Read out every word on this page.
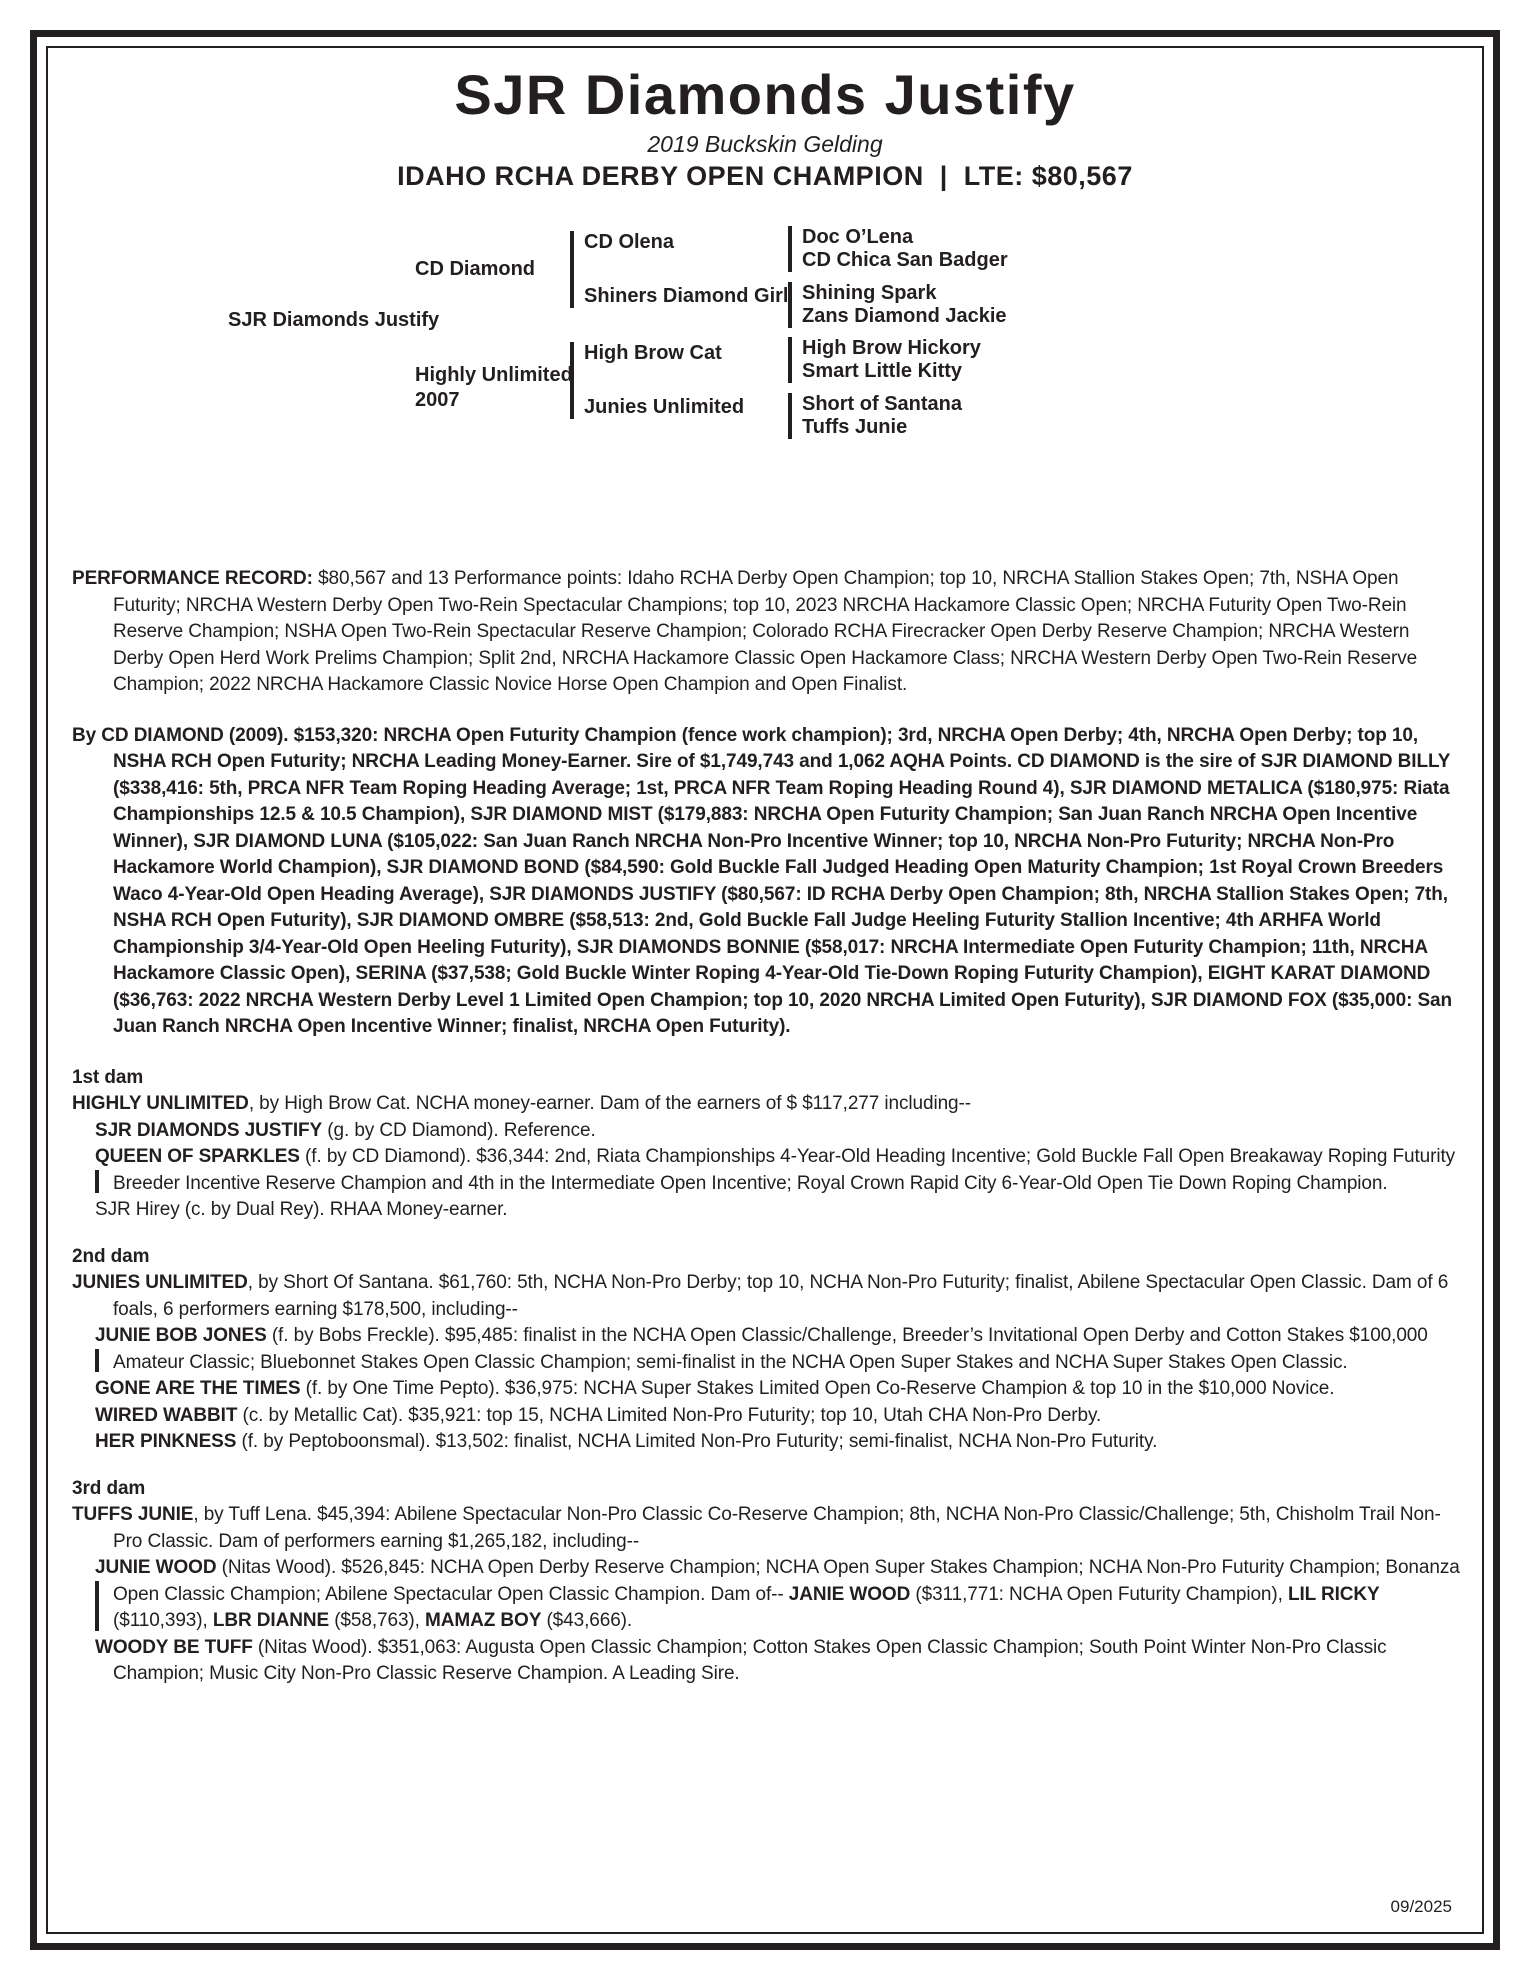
SJR Diamonds Justify
2019 Buckskin Gelding
IDAHO RCHA DERBY OPEN CHAMPION  |  LTE: $80,567
SJR Diamonds Justify
CD Diamond
Highly Unlimited
2007
CD Olena
Shiners Diamond Girl
High Brow Cat
Junies Unlimited
Doc O’Lena
CD Chica San Badger
Shining Spark
Zans Diamond Jackie
High Brow Hickory
Smart Little Kitty
Short of Santana
Tuffs Junie

PERFORMANCE RECORD: $80,567 and 13 Performance points: Idaho RCHA Derby Open Champion; top 10, NRCHA Stallion Stakes Open; 7th, NSHA Open Futurity; NRCHA Western Derby Open Two-Rein Spectacular Champions; top 10, 2023 NRCHA Hackamore Classic Open; NRCHA Futurity Open Two-Rein Reserve Champion; NSHA Open Two-Rein Spectacular Reserve Champion; Colorado RCHA Firecracker Open Derby Reserve Champion; NRCHA Western Derby Open Herd Work Prelims Champion; Split 2nd, NRCHA Hackamore Classic Open Hackamore Class; NRCHA Western Derby Open Two-Rein Reserve Champion; 2022 NRCHA Hackamore Classic Novice Horse Open Champion and Open Finalist.

By CD DIAMOND (2009). $153,320: NRCHA Open Futurity Champion (fence work champion); 3rd, NRCHA Open Derby; 4th, NRCHA Open Derby; top 10, NSHA RCH Open Futurity; NRCHA Leading Money-Earner. Sire of $1,749,743 and 1,062 AQHA Points. CD DIAMOND is the sire of SJR DIAMOND BILLY ($338,416: 5th, PRCA NFR Team Roping Heading Average; 1st, PRCA NFR Team Roping Heading Round 4), SJR DIAMOND METALICA ($180,975: Riata Championships 12.5 & 10.5 Champion), SJR DIAMOND MIST ($179,883: NRCHA Open Futurity Champion; San Juan Ranch NRCHA Open Incentive Winner), SJR DIAMOND LUNA ($105,022: San Juan Ranch NRCHA Non-Pro Incentive Winner; top 10, NRCHA Non-Pro Futurity; NRCHA Non-Pro Hackamore World Champion), SJR DIAMOND BOND ($84,590: Gold Buckle Fall Judged Heading Open Maturity Champion; 1st Royal Crown Breeders Waco 4-Year-Old Open Heading Average), SJR DIAMONDS JUSTIFY ($80,567: ID RCHA Derby Open Champion; 8th, NRCHA Stallion Stakes Open; 7th, NSHA RCH Open Futurity), SJR DIAMOND OMBRE ($58,513: 2nd, Gold Buckle Fall Judge Heeling Futurity Stallion Incentive; 4th ARHFA World Championship 3/4-Year-Old Open Heeling Futurity), SJR DIAMONDS BONNIE ($58,017: NRCHA Intermediate Open Futurity Champion; 11th, NRCHA Hackamore Classic Open), SERINA ($37,538; Gold Buckle Winter Roping 4-Year-Old Tie-Down Roping Futurity Champion), EIGHT KARAT DIAMOND ($36,763: 2022 NRCHA Western Derby Level 1 Limited Open Champion; top 10, 2020 NRCHA Limited Open Futurity), SJR DIAMOND FOX ($35,000: San Juan Ranch NRCHA Open Incentive Winner; finalist, NRCHA Open Futurity).

1st dam

HIGHLY UNLIMITED, by High Brow Cat. NCHA money-earner. Dam of the earners of $ $117,277 including--

SJR DIAMONDS JUSTIFY (g. by CD Diamond). Reference.

QUEEN OF SPARKLES (f. by CD Diamond). $36,344: 2nd, Riata Championships 4-Year-Old Heading Incentive; Gold Buckle Fall Open Breakaway Roping Futurity Breeder Incentive Reserve Champion and 4th in the Intermediate Open Incentive; Royal Crown Rapid City 6-Year-Old Open Tie Down Roping Champion.

SJR Hirey (c. by Dual Rey). RHAA Money-earner.

2nd dam

JUNIES UNLIMITED, by Short Of Santana. $61,760: 5th, NCHA Non-Pro Derby; top 10, NCHA Non-Pro Futurity; finalist, Abilene Spectacular Open Classic. Dam of 6 foals, 6 performers earning $178,500, including--

JUNIE BOB JONES (f. by Bobs Freckle). $95,485: finalist in the NCHA Open Classic/Challenge, Breeder’s Invitational Open Derby and Cotton Stakes $100,000 Amateur Classic; Bluebonnet Stakes Open Classic Champion; semi-finalist in the NCHA Open Super Stakes and NCHA Super Stakes Open Classic.

GONE ARE THE TIMES (f. by One Time Pepto). $36,975: NCHA Super Stakes Limited Open Co-Reserve Champion & top 10 in the $10,000 Novice.

WIRED WABBIT (c. by Metallic Cat). $35,921: top 15, NCHA Limited Non-Pro Futurity; top 10, Utah CHA Non-Pro Derby.

HER PINKNESS (f. by Peptoboonsmal). $13,502: finalist, NCHA Limited Non-Pro Futurity; semi-finalist, NCHA Non-Pro Futurity.

3rd dam

TUFFS JUNIE, by Tuff Lena. $45,394: Abilene Spectacular Non-Pro Classic Co-Reserve Champion; 8th, NCHA Non-Pro Classic/Challenge; 5th, Chisholm Trail Non-Pro Classic. Dam of performers earning $1,265,182, including--

JUNIE WOOD (Nitas Wood). $526,845: NCHA Open Derby Reserve Champion; NCHA Open Super Stakes Champion; NCHA Non-Pro Futurity Champion; Bonanza Open Classic Champion; Abilene Spectacular Open Classic Champion. Dam of-- JANIE WOOD ($311,771: NCHA Open Futurity Champion), LIL RICKY ($110,393), LBR DIANNE ($58,763), MAMAZ BOY ($43,666).

WOODY BE TUFF (Nitas Wood). $351,063: Augusta Open Classic Champion; Cotton Stakes Open Classic Champion; South Point Winter Non-Pro Classic Champion; Music City Non-Pro Classic Reserve Champion. A Leading Sire.

09/2025
